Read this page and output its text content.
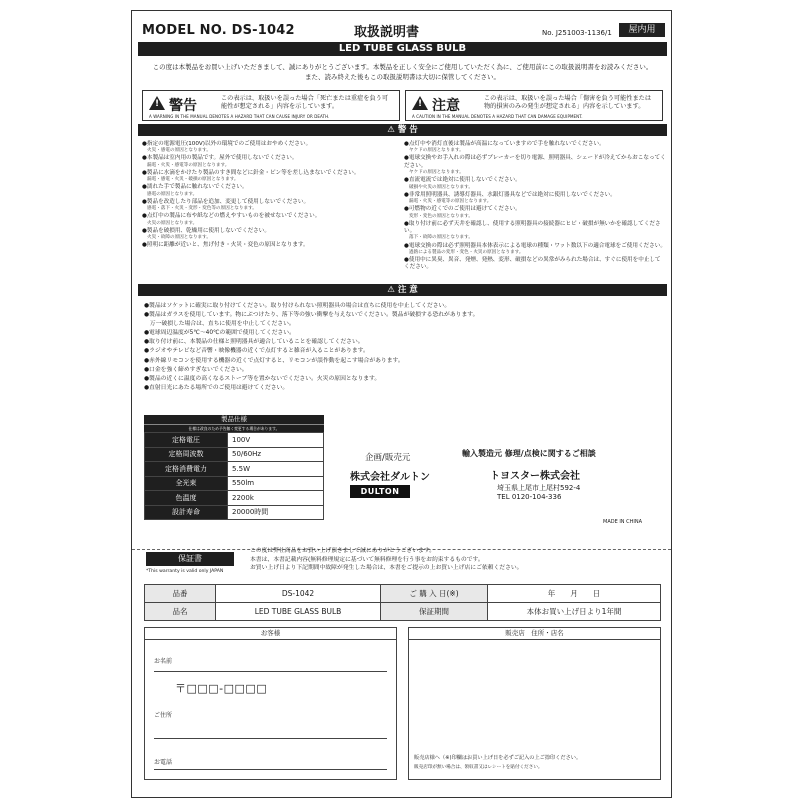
MODEL NO. DS-1042	取扱説明書	No. J251003-1136/1	屋内用
LED TUBE GLASS BULB
この度は本製品をお買い上げいただきまして、誠にありがとうございます。本製品を正しく安全にご使用していただく為に、ご使用前にこの取扱説明書をお読みください。
また、読み終えた後もこの取扱説明書は大切に保管してください。
!
警告	この表示は、取扱いを誤った場合「死亡または重症を負う可能性が想定される」内容を示しています。
A WARNING IN THE MANUAL DENOTES A HAZARD THAT CAN CAUSE INJURY OR DEATH.
!
注意	この表示は、取扱いを誤った場合「傷害を負う可能性または物的損害のみの発生が想定される」内容を示しています。
A CAUTION IN THE MANUAL DENOTES A HAZARD THAT CAN DAMAGE EQUIPMENT.
⚠ 警 告
●指定の電源電圧(100V)以外の環境でのご使用はおやめください。
火災・感電の原因となります。
●本製品は室内用の製品です。屋外で使用しないでください。
漏電・火災・感電等の原因となります。
●製品に水滴をかけたり製品のすき間などに針金・ピン等を差し込まないでください。
漏電・感電・火災・破損の原因となります。
●濡れた手で製品に触れないでください。
感電の原因となります。
●製品を改造したり部品を追加、変更して使用しないでください。
感電・落下・火災・変形・変色等の原因となります。
●点灯中の製品に布や紙などの燃えやすいものを被せないでください。
火災の原因となります。
●製品を破損用、乾燥用に使用しないでください。
火災・故障の原因となります。
●照明に距離が近いと、焦げ付き・火災・変色の原因となります。
●点灯中や消灯直後は製品が高温になっていますので手を触れないでください。
ヤケドの原因となります。
●電球交換やお手入れの際は必ずブレーカーを切り電源、照明器具、シェードが冷えてからおこなってください。
ヤケドの原因となります。
●直流電流では絶対に使用しないでください。
破損や火災の原因となります。
●非常用照明器具、誘導灯器具、水銀灯器具などでは絶対に使用しないでください。
漏電・火災・感電等の原因となります。
●可燃物の近くでのご使用は避けてください。
変形・変色の原因となります。
●取り付け前に必ず天井を確認し、使用する照明器具の接続器にヒビ・破損が無いかを確認してください。
落下・故障の原因となります。
●電球交換の際は必ず照明器具本体表示による電球の種類・ワット数以下の適合電球をご使用ください。
過熱による製品の変形・変色・火災の原因となります。
●使用中に異臭、異音、発煙、発熱、変形、破損などの異常がみられた場合は、すぐに使用を中止してください。
⚠ 注 意
●製品はソケットに確実に取り付けてください。取り付けられない照明器具の場合は直ちに使用を中止してください。
●製品はガラスを使用しています。物にぶつけたり、落下等の強い衝撃を与えないでください。製品が破損する恐れがあります。
　万一破損した場合は、直ちに使用を中止してください。
●電球周辺温度が5℃〜40℃の範囲で使用してください。
●取り付け前に、本製品の仕様と照明器具が適合していることを確認してください。
●ラジオやテレビなど音響・映像機器の近くで点灯すると雑音が入ることがあります。
●赤外線リモコンを使用する機器の近くで点灯すると、リモコンが誤作動を起こす場合があります。
●口金を強く締めすぎないでください。
●製品の近くに温度の高くなるストーブ等を置かないでください。火災の原因となります。
●直射日光にあたる場所でのご使用は避けてください。
製品仕様
仕様は改良のため予告無く変更する場合があります。
定格電圧	100V
定格周波数	50/60Hz
定格消費電力	5.5W
全光束	550lm
色温度	2200k
設計寿命	20000時間
企画/販売元
株式会社ダルトン
DULTON
輸入製造元 修理/点検に関するご相談
トヨスター株式会社
埼玉県上尾市上尾村592-4
TEL 0120-104-336
MADE IN CHINA
保証書
*This warranty is valid only JAPAN
この度は弊社商品をお買い上げ頂きまして誠にありがとうございます。
本書は、本書記載内容(無料修理規定に基づいて無料修理を行う事をお約束するものです。
お買い上げ日より下記期間中故障が発生した場合は、本書をご提示の上お買い上げ店にご依頼ください。
品番	DS-1042	ご 購 入 日(※)	年　　月　　日
品名	LED TUBE GLASS BULB	保証期間	本体お買い上げ日より1年間
お客様
お名前
〒□□□-□□□□
ご住所
お電話
販売店　住所・店名
販売店様へ（※)印欄はお買い上げ日を必ずご記入の上ご捺印ください。
販売店印が無い場合は、領収書又はレシートを貼付ください。
